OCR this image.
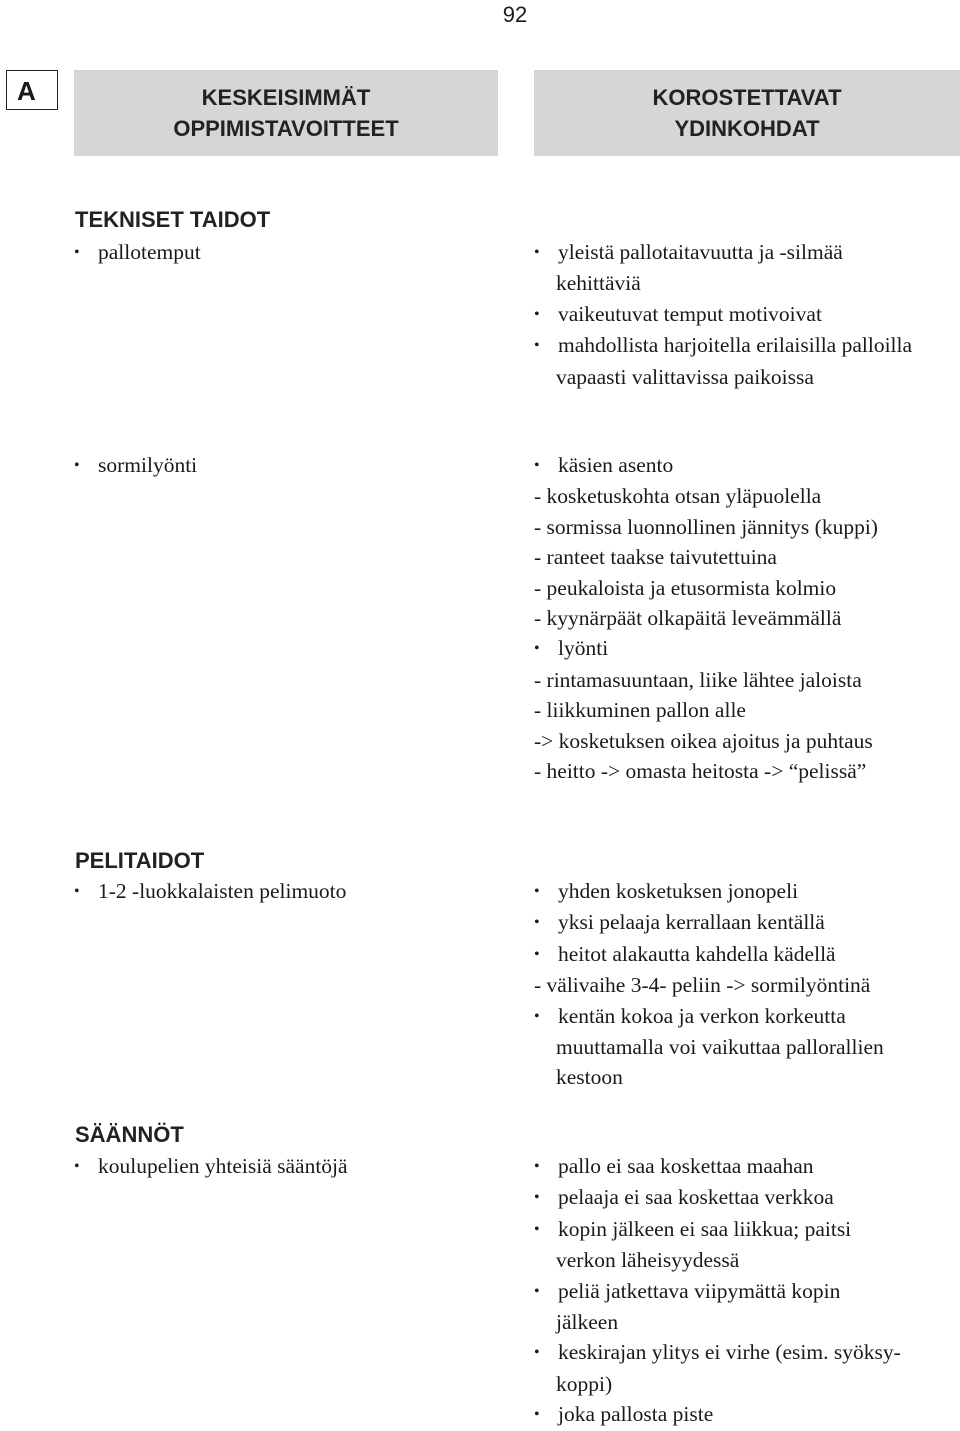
92
A	KESKEISIMMÄT
OPPIMISTAVOITTEET
KOROSTETTAVAT
YDINKOHDAT
TEKNISET TAIDOT
• pallotemput	• yleistä pallotaitavuutta ja -silmää
kehittäviä
• vaikeutuvat temput motivoivat
• mahdollista harjoitella erilaisilla palloilla
vapaasti valittavissa paikoissa
• sormilyönti	• käsien asento
- kosketuskohta otsan yläpuolella
- sormissa luonnollinen jännitys (kuppi)
- ranteet taakse taivutettuina
- peukaloista ja etusormista kolmio
- kyynärpäät olkapäitä leveämmällä
• lyönti
- rintamasuuntaan, liike lähtee jaloista
- liikkuminen pallon alle
-> kosketuksen oikea ajoitus ja puhtaus
- heitto -> omasta heitosta -> “pelissä”
PELITAIDOT
• 1-2 -luokkalaisten pelimuoto	• yhden kosketuksen jonopeli
• yksi pelaaja kerrallaan kentällä
• heitot alakautta kahdella kädellä
- välivaihe 3-4- peliin -> sormilyöntinä
• kentän kokoa ja verkon korkeutta
muuttamalla voi vaikuttaa pallorallien
kestoon
SÄÄNNÖT
• koulupelien yhteisiä sääntöjä	• pallo ei saa koskettaa maahan
• pelaaja ei saa koskettaa verkkoa
• kopin jälkeen ei saa liikkua; paitsi
verkon läheisyydessä
• peliä jatkettava viipymättä kopin
jälkeen
• keskirajan ylitys ei virhe (esim. syöksy-
koppi)
• joka pallosta piste
